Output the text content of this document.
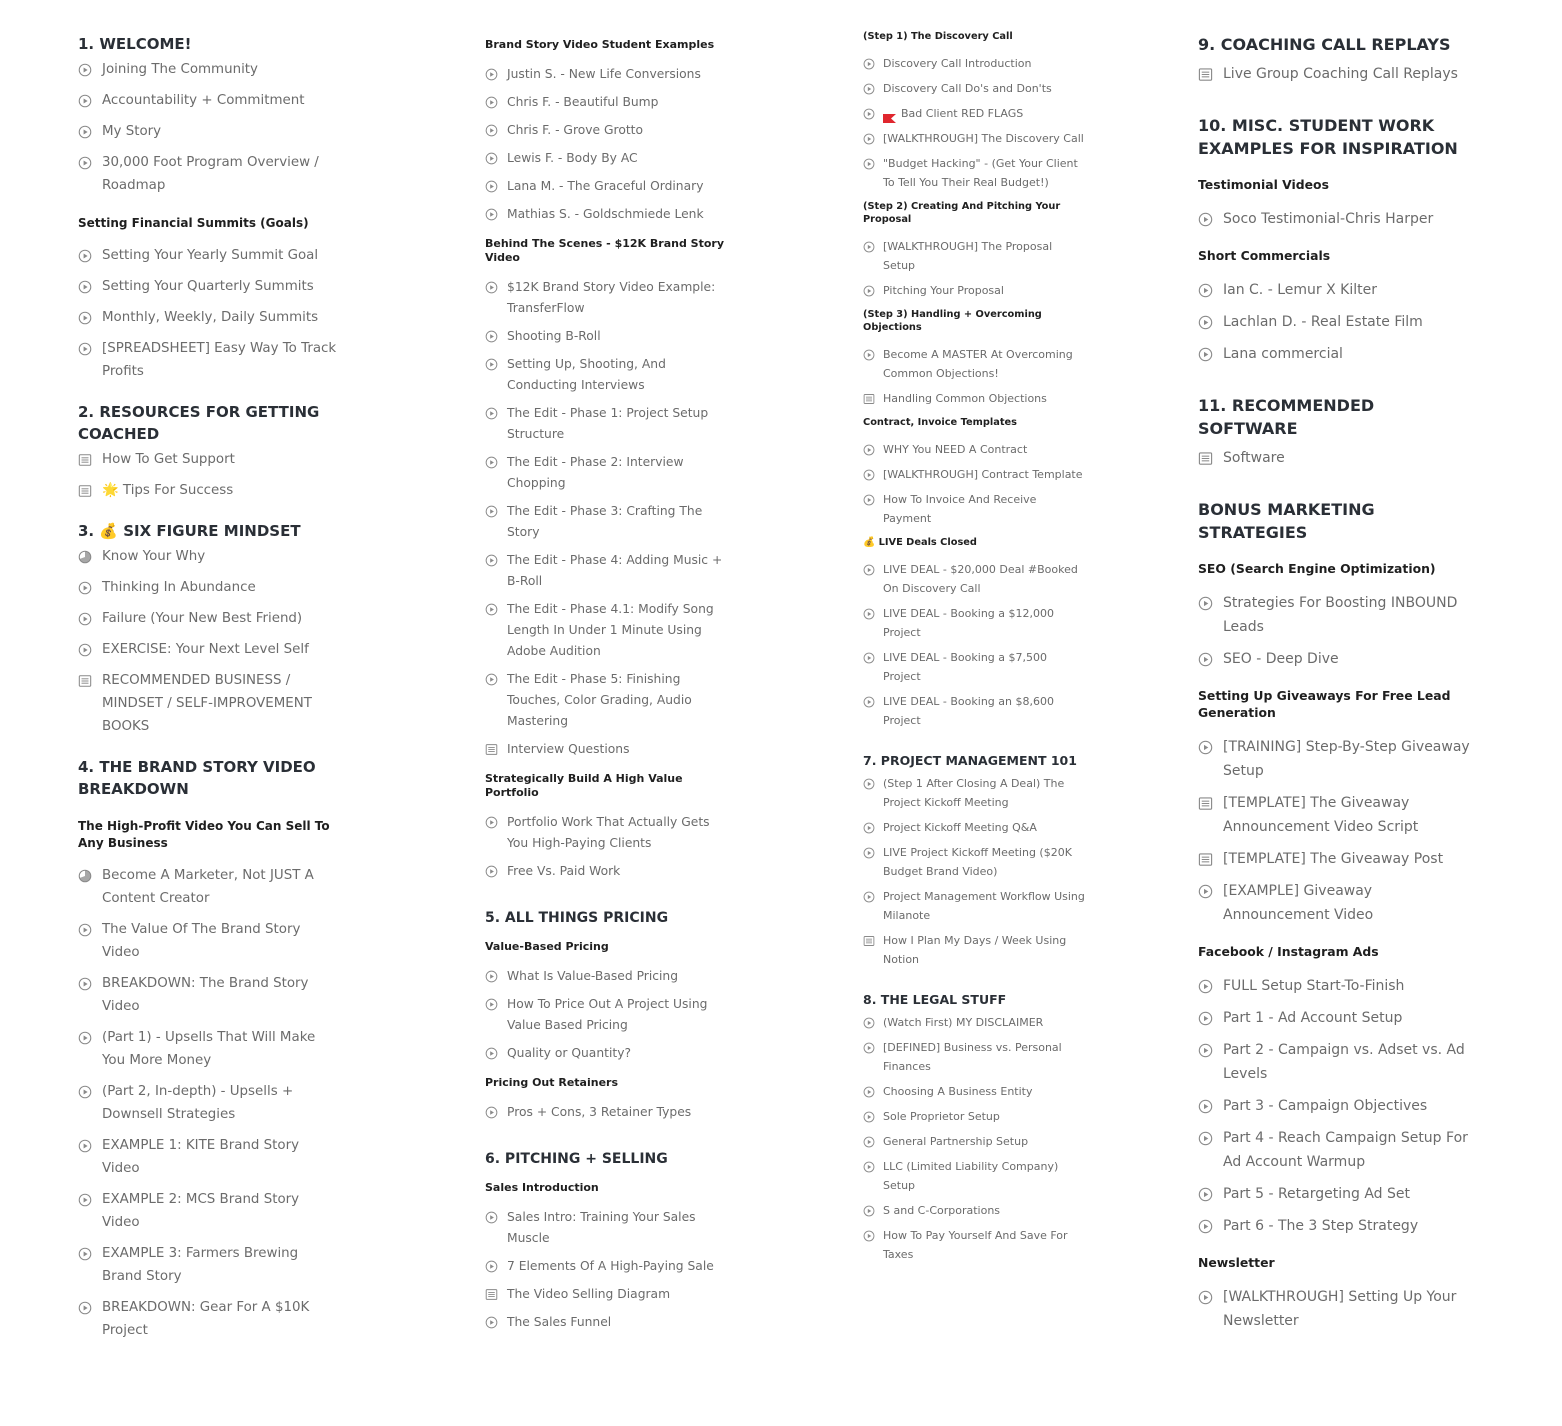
1. WELCOME!
Joining The Community
Accountability + Commitment
My Story
30,000 Foot Program Overview / Roadmap
Setting Financial Summits (Goals)
Setting Your Yearly Summit Goal
Setting Your Quarterly Summits
Monthly, Weekly, Daily Summits
[SPREADSHEET] Easy Way To Track Profits
2. RESOURCES FOR GETTING COACHED
How To Get Support
🌟 Tips For Success
3. 💰 SIX FIGURE MINDSET
Know Your Why
Thinking In Abundance
Failure (Your New Best Friend)
EXERCISE: Your Next Level Self
RECOMMENDED BUSINESS / MINDSET / SELF-IMPROVEMENT BOOKS
4. THE BRAND STORY VIDEO BREAKDOWN
The High-Profit Video You Can Sell To Any Business
Become A Marketer, Not JUST A Content Creator
The Value Of The Brand Story Video
BREAKDOWN: The Brand Story Video
(Part 1) - Upsells That Will Make You More Money
(Part 2, In-depth) - Upsells + Downsell Strategies
EXAMPLE 1: KITE Brand Story Video
EXAMPLE 2: MCS Brand Story Video
EXAMPLE 3: Farmers Brewing Brand Story
BREAKDOWN: Gear For A $10K Project
Brand Story Video Student Examples
Justin S. - New Life Conversions
Chris F. - Beautiful Bump
Chris F. - Grove Grotto
Lewis F. - Body By AC
Lana M. - The Graceful Ordinary
Mathias S. - Goldschmiede Lenk
Behind The Scenes - $12K Brand Story Video
$12K Brand Story Video Example: TransferFlow
Shooting B-Roll
Setting Up, Shooting, And Conducting Interviews
The Edit - Phase 1: Project Setup Structure
The Edit - Phase 2: Interview Chopping
The Edit - Phase 3: Crafting The Story
The Edit - Phase 4: Adding Music + B-Roll
The Edit - Phase 4.1: Modify Song Length In Under 1 Minute Using Adobe Audition
The Edit - Phase 5: Finishing Touches, Color Grading, Audio Mastering
Interview Questions
Strategically Build A High Value Portfolio
Portfolio Work That Actually Gets You High-Paying Clients
Free Vs. Paid Work
5. ALL THINGS PRICING
Value-Based Pricing
What Is Value-Based Pricing
How To Price Out A Project Using Value Based Pricing
Quality or Quantity?
Pricing Out Retainers
Pros + Cons, 3 Retainer Types
6. PITCHING + SELLING
Sales Introduction
Sales Intro: Training Your Sales Muscle
7 Elements Of A High-Paying Sale
The Video Selling Diagram
The Sales Funnel
(Step 1) The Discovery Call
Discovery Call Introduction
Discovery Call Do's and Don'ts
Bad Client RED FLAGS
[WALKTHROUGH] The Discovery Call
"Budget Hacking" - (Get Your Client To Tell You Their Real Budget!)
(Step 2) Creating And Pitching Your Proposal
[WALKTHROUGH] The Proposal Setup
Pitching Your Proposal
(Step 3) Handling + Overcoming Objections
Become A MASTER At Overcoming Common Objections!
Handling Common Objections
Contract, Invoice Templates
WHY You NEED A Contract
[WALKTHROUGH] Contract Template
How To Invoice And Receive Payment
💰 LIVE Deals Closed
LIVE DEAL - $20,000 Deal #Booked On Discovery Call
LIVE DEAL - Booking a $12,000 Project
LIVE DEAL - Booking a $7,500 Project
LIVE DEAL - Booking an $8,600 Project
7. PROJECT MANAGEMENT 101
(Step 1 After Closing A Deal) The Project Kickoff Meeting
Project Kickoff Meeting Q&A
LIVE Project Kickoff Meeting ($20K Budget Brand Video)
Project Management Workflow Using Milanote
How I Plan My Days / Week Using Notion
8. THE LEGAL STUFF
(Watch First) MY DISCLAIMER
[DEFINED] Business vs. Personal Finances
Choosing A Business Entity
Sole Proprietor Setup
General Partnership Setup
LLC (Limited Liability Company) Setup
S and C-Corporations
How To Pay Yourself And Save For Taxes
9. COACHING CALL REPLAYS
Live Group Coaching Call Replays
10. MISC. STUDENT WORK EXAMPLES FOR INSPIRATION
Testimonial Videos
Soco Testimonial-Chris Harper
Short Commercials
Ian C. - Lemur X Kilter
Lachlan D. - Real Estate Film
Lana commercial
11. RECOMMENDED SOFTWARE
Software
BONUS MARKETING STRATEGIES
SEO (Search Engine Optimization)
Strategies For Boosting INBOUND Leads
SEO - Deep Dive
Setting Up Giveaways For Free Lead Generation
[TRAINING] Step-By-Step Giveaway Setup
[TEMPLATE] The Giveaway Announcement Video Script
[TEMPLATE] The Giveaway Post
[EXAMPLE] Giveaway Announcement Video
Facebook / Instagram Ads
FULL Setup Start-To-Finish
Part 1 - Ad Account Setup
Part 2 - Campaign vs. Adset vs. Ad Levels
Part 3 - Campaign Objectives
Part 4 - Reach Campaign Setup For Ad Account Warmup
Part 5 - Retargeting Ad Set
Part 6 - The 3 Step Strategy
Newsletter
[WALKTHROUGH] Setting Up Your Newsletter
